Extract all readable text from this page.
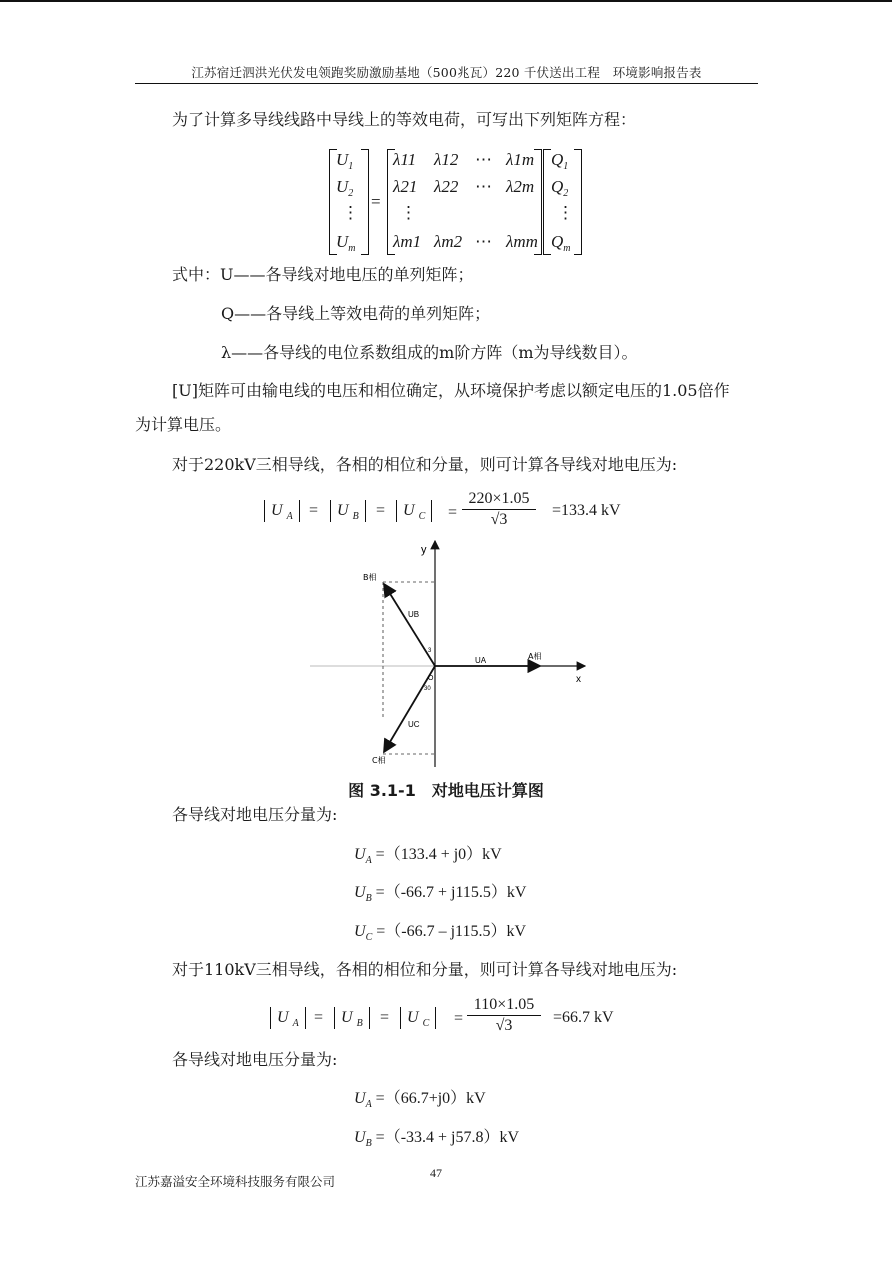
江苏宿迁泗洪光伏发电领跑奖励激励基地（500兆瓦）220 千伏送出工程　环境影响报告表
为了计算多导线线路中导线上的等效电荷，可写出下列矩阵方程：
$U_1$
$U_2$
⋮
$U_m$
=
λ11 λ12 ⋯ λ1m
λ21 λ22 ⋯ λ2m
⋮
λm1 λm2 ⋯ λmm
$Q_1$
$Q_2$
⋮
$Q_m$
式中：U——各导线对地电压的单列矩阵；
Q——各导线上等效电荷的单列矩阵；
λ——各导线的电位系数组成的m阶方阵（m为导线数目）。
[U]矩阵可由输电线的电压和相位确定，从环境保护考虑以额定电压的1.05倍作
为计算电压。
对于220kV三相导线，各相的相位和分量，则可计算各导线对地电压为:
U $_A$	=	U $_B$	=	U $_C$	= $\frac{220\times 1.05}{√3} =133.4$ kV
y
x
B相
UB
UA	A相
UC
C相
O
3
30
图 3.1-1　对地电压计算图
各导线对地电压分量为:
$U_A =(133.4 + j0)kV$
$U_B =(-66.7 + j115.5)kV$
$U_C =(-66.7 - j115.5)kV$
对于110kV三相导线，各相的相位和分量，则可计算各导线对地电压为:
U $_A$ =	U $_B$	=	U $_C$	= $\frac{110\times 1.05}{√3} =66.7$ kV
各导线对地电压分量为:
$U_A =(66.7+j0)kV$
$U_B =(-33.4 + j57.8)kV$
江苏嘉溢安全环境科技服务有限公司
47
